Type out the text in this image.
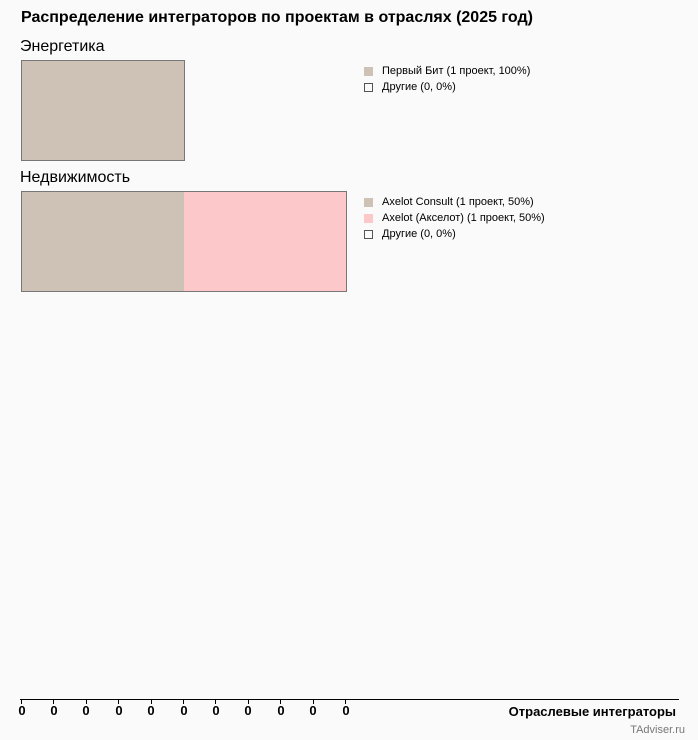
Распределение интеграторов по проектам в отраслях (2025 год)
Энергетика
Первый Бит (1 проект, 100%)
Другие (0, 0%)
Недвижимость
Axelot Consult (1 проект, 50%)
Axelot (Акселот) (1 проект, 50%)
Другие (0, 0%)
0 0 0 0 0 0 0 0 0 0 0	Отраслевые интеграторы
TAdviser.ru
